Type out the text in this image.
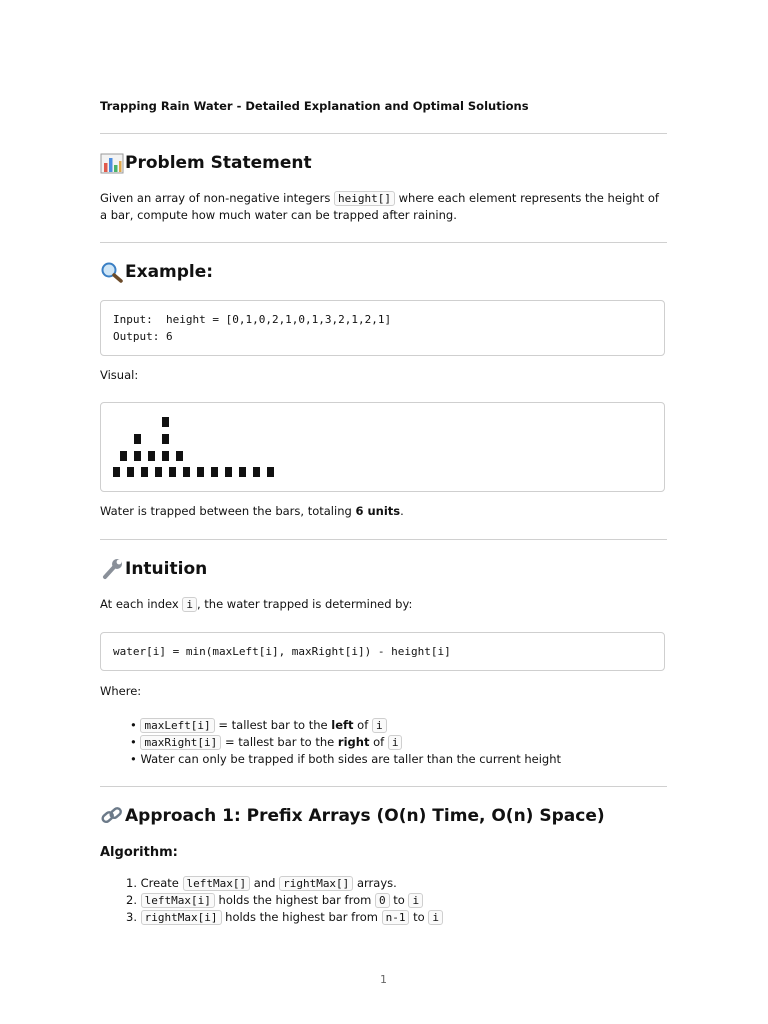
Trapping Rain Water - Detailed Explanation and Optimal Solutions
Problem Statement

Given an array of non-negative integers height[] where each element represents the height of a bar, compute how much water can be trapped after raining.

Example:
Input:  height = [0,1,0,2,1,0,1,3,2,1,2,1]
Output: 6

Visual:

Water is trapped between the bars, totaling 6 units.

Intuition

At each index i , the water trapped is determined by:

water[i] = min(maxLeft[i], maxRight[i]) - height[i]

Where:

• maxLeft[i] = tallest bar to the left of i
• maxRight[i] = tallest bar to the right of i
• Water can only be trapped if both sides are taller than the current height
Approach 1: Prefix Arrays (O(n) Time, O(n) Space)

Algorithm:

1. Create leftMax[] and rightMax[] arrays.
2. leftMax[i] holds the highest bar from 0 to i
3. rightMax[i] holds the highest bar from n-1 to i
1
